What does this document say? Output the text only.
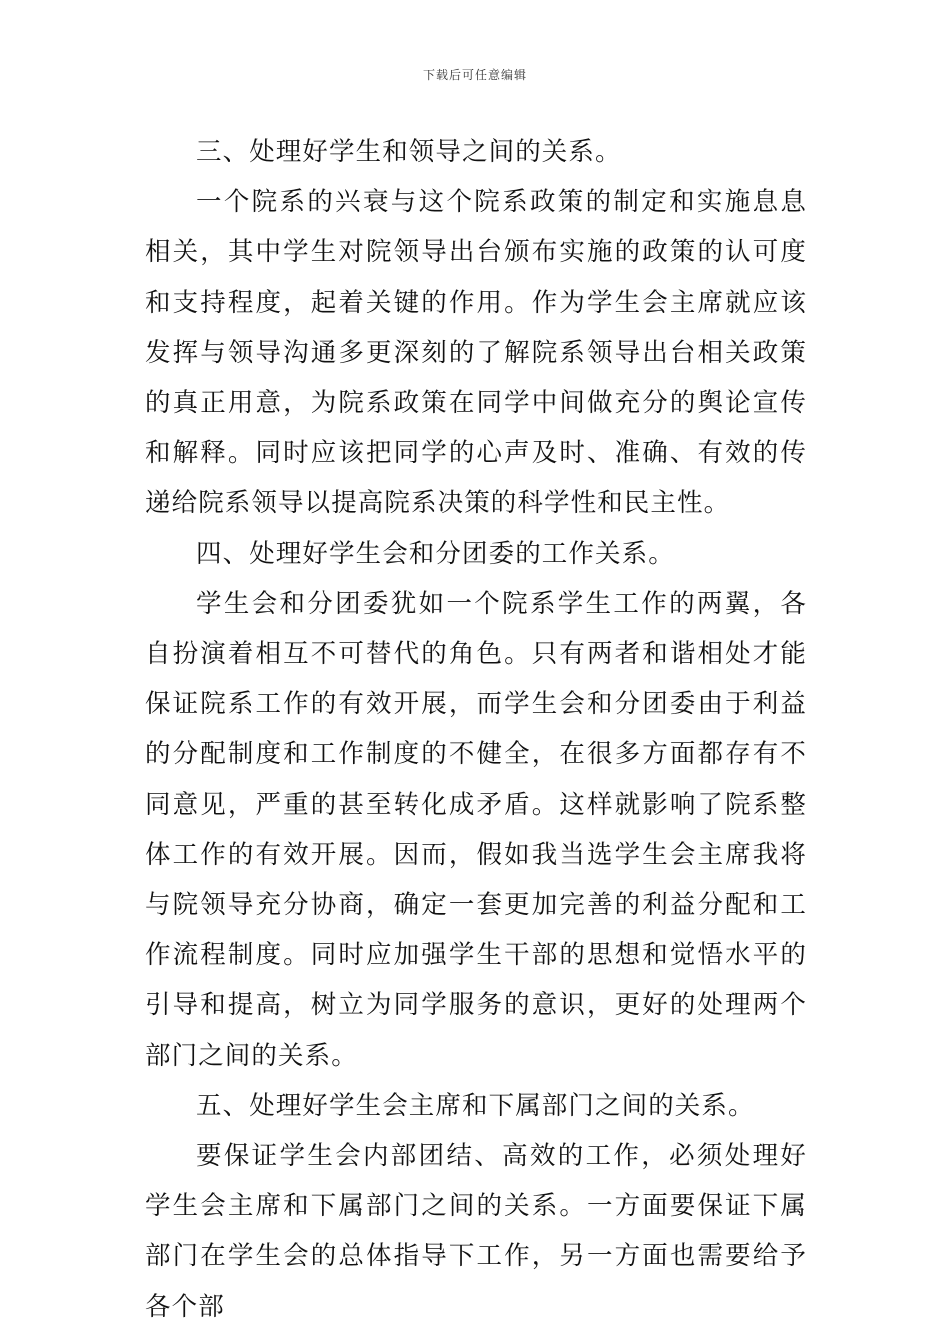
下载后可任意编辑

三、处理好学生和领导之间的关系。

一个院系的兴衰与这个院系政策的制定和实施息息相关，其中学生对院领导出台颁布实施的政策的认可度和支持程度，起着关键的作用。作为学生会主席就应该发挥与领导沟通多更深刻的了解院系领导出台相关政策的真正用意，为院系政策在同学中间做充分的舆论宣传和解释。同时应该把同学的心声及时、准确、有效的传递给院系领导以提高院系决策的科学性和民主性。

四、处理好学生会和分团委的工作关系。

学生会和分团委犹如一个院系学生工作的两翼，各自扮演着相互不可替代的角色。只有两者和谐相处才能保证院系工作的有效开展，而学生会和分团委由于利益的分配制度和工作制度的不健全，在很多方面都存有不同意见，严重的甚至转化成矛盾。这样就影响了院系整体工作的有效开展。因而，假如我当选学生会主席我将与院领导充分协商，确定一套更加完善的利益分配和工作流程制度。同时应加强学生干部的思想和觉悟水平的引导和提高，树立为同学服务的意识，更好的处理两个部门之间的关系。

五、处理好学生会主席和下属部门之间的关系。

要保证学生会内部团结、高效的工作，必须处理好学生会主席和下属部门之间的关系。一方面要保证下属部门在学生会的总体指导下工作，另一方面也需要给予各个部
